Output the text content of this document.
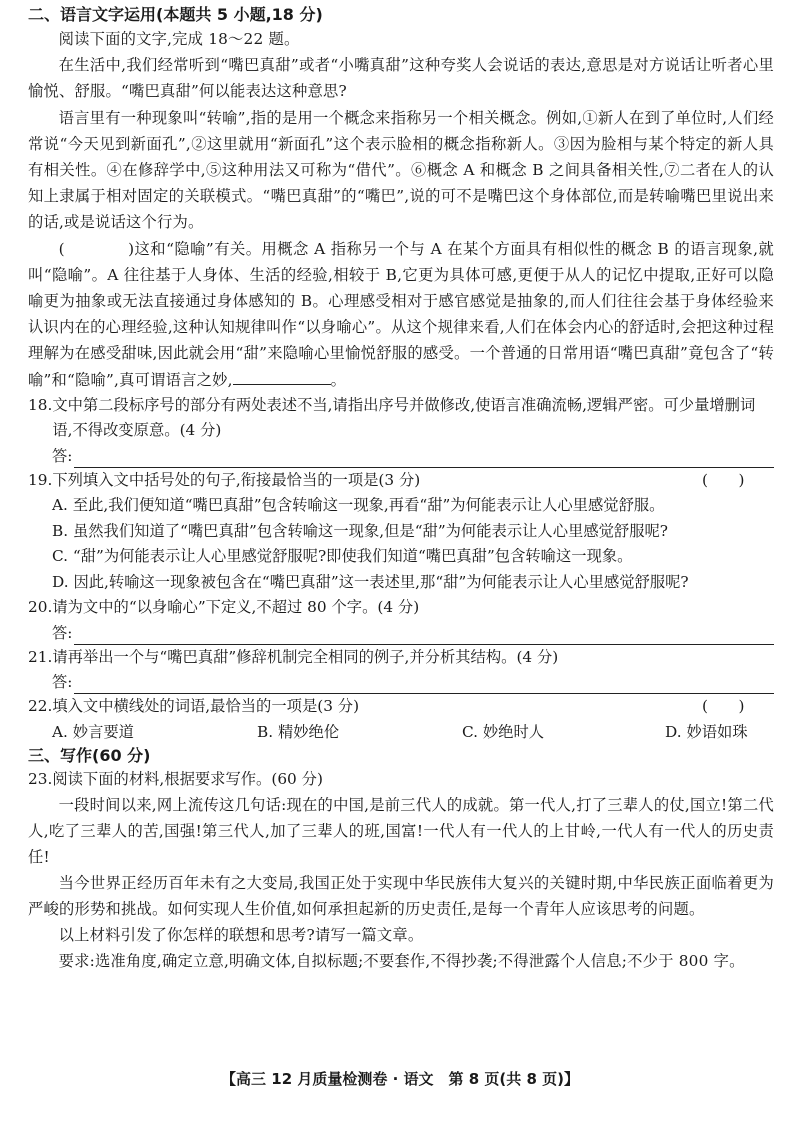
二、语言文字运用(本题共 5 小题,18 分)

阅读下面的文字,完成 18～22 题。

在生活中,我们经常听到“嘴巴真甜”或者“小嘴真甜”这种夸奖人会说话的表达,意思是对方说话让听者心里愉悦、舒服。“嘴巴真甜”何以能表达这种意思?

语言里有一种现象叫“转喻”,指的是用一个概念来指称另一个相关概念。例如,①新人在到了单位时,人们经常说“今天见到新面孔”,②这里就用“新面孔”这个表示脸相的概念指称新人。③因为脸相与某个特定的新人具有相关性。④在修辞学中,⑤这种用法又可称为“借代”。⑥概念 A 和概念 B 之间具备相关性,⑦二者在人的认知上隶属于相对固定的关联模式。“嘴巴真甜”的“嘴巴”,说的可不是嘴巴这个身体部位,而是转喻嘴巴里说出来的话,或是说话这个行为。

(　　　　)这和“隐喻”有关。用概念 A 指称另一个与 A 在某个方面具有相似性的概念 B 的语言现象,就叫“隐喻”。A 往往基于人身体、生活的经验,相较于 B,它更为具体可感,更便于从人的记忆中提取,正好可以隐喻更为抽象或无法直接通过身体感知的 B。心理感受相对于感官感觉是抽象的,而人们往往会基于身体经验来认识内在的心理经验,这种认知规律叫作“以身喻心”。从这个规律来看,人们在体会内心的舒适时,会把这种过程理解为在感受甜味,因此就会用“甜”来隐喻心里愉悦舒服的感受。一个普通的日常用语“嘴巴真甜”竟包含了“转喻”和“隐喻”,真可谓语言之妙,	。

18. 文中第二段标序号的部分有两处表述不当,请指出序号并做修改,使语言准确流畅,逻辑严密。可少量增删词语,不得改变原意。(4 分)
答:
19. 下列填入文中括号处的句子,衔接最恰当的一项是(3 分)	(　　)

A. 至此,我们便知道“嘴巴真甜”包含转喻这一现象,再看“甜”为何能表示让人心里感觉舒服。

B. 虽然我们知道了“嘴巴真甜”包含转喻这一现象,但是“甜”为何能表示让人心里感觉舒服呢?

C. “甜”为何能表示让人心里感觉舒服呢?即使我们知道“嘴巴真甜”包含转喻这一现象。

D. 因此,转喻这一现象被包含在“嘴巴真甜”这一表述里,那“甜”为何能表示让人心里感觉舒服呢?

20. 请为文中的“以身喻心”下定义,不超过 80 个字。(4 分)
答:
21. 请再举出一个与“嘴巴真甜”修辞机制完全相同的例子,并分析其结构。(4 分)
答:
22. 填入文中横线处的词语,最恰当的一项是(3 分)	(　　)
A. 妙言要道	B. 精妙绝伦	C. 妙绝时人	D. 妙语如珠

三、写作(60 分)

23. 阅读下面的材料,根据要求写作。(60 分)

一段时间以来,网上流传这几句话:现在的中国,是前三代人的成就。第一代人,打了三辈人的仗,国立!第二代人,吃了三辈人的苦,国强!第三代人,加了三辈人的班,国富!一代人有一代人的上甘岭,一代人有一代人的历史责任!

当今世界正经历百年未有之大变局,我国正处于实现中华民族伟大复兴的关键时期,中华民族正面临着更为严峻的形势和挑战。如何实现人生价值,如何承担起新的历史责任,是每一个青年人应该思考的问题。

以上材料引发了你怎样的联想和思考?请写一篇文章。

要求:选准角度,确定立意,明确文体,自拟标题;不要套作,不得抄袭;不得泄露个人信息;不少于 800 字。

【高三 12 月质量检测卷 · 语文　第 8 页(共 8 页)】
